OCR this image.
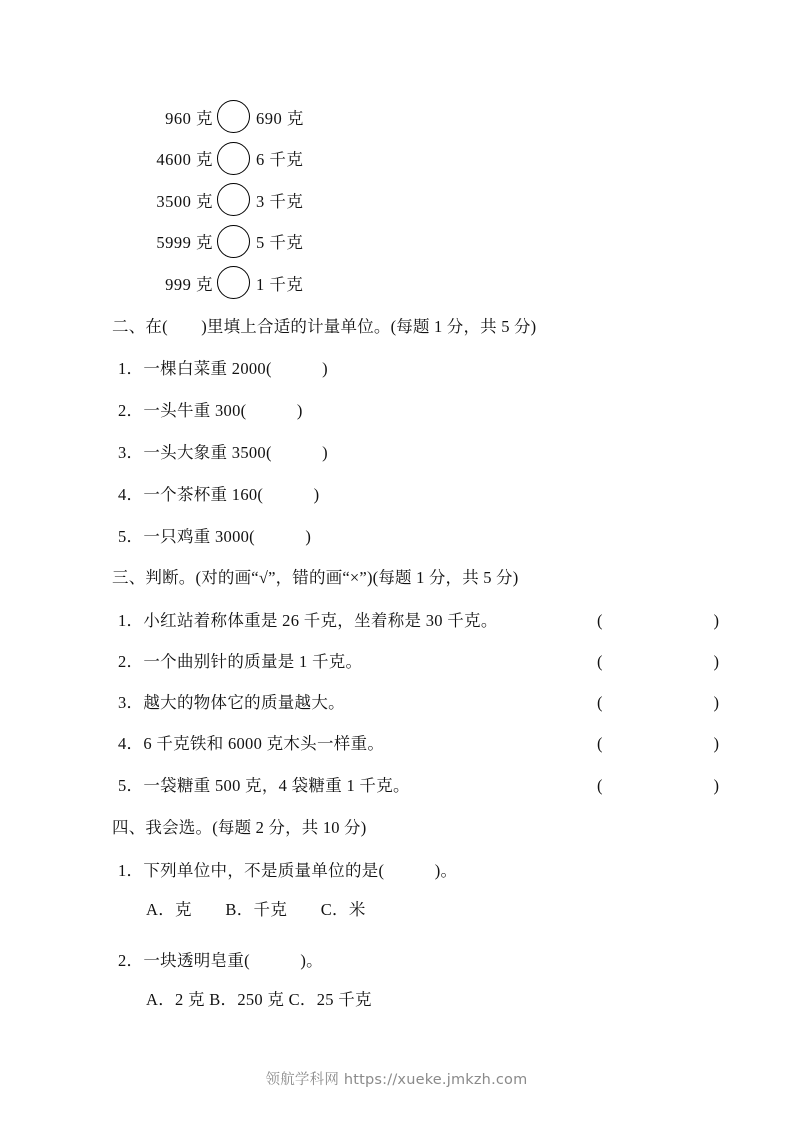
960 克	690 克
4600 克	6 千克
3500 克	3 千克
5999 克	5 千克
999 克	1 千克
二、在(　　)里填上合适的计量单位。(每题 1 分，共 5 分)
1．一棵白菜重 2000(　　　)
2．一头牛重 300(　　　)
3．一头大象重 3500(　　　)
4．一个茶杯重 160(　　　)
5．一只鸡重 3000(　　　)
三、判断。(对的画“√”，错的画“×”)(每题 1 分，共 5 分)
1．小红站着称体重是 26 千克，坐着称是 30 千克。	(　　)
2．一个曲别针的质量是 1 千克。	(　　)
3．越大的物体它的质量越大。	(　　)
4．6 千克铁和 6000 克木头一样重。	(　　)
5．一袋糖重 500 克，4 袋糖重 1 千克。	(　　)
四、我会选。(每题 2 分，共 10 分)
1．下列单位中，不是质量单位的是(　　　)。
A．克　　B．千克　　C．米
2．一块透明皂重(　　　)。
A．2 克 B．250 克 C．25 千克
领航学科网 https://xueke.jmkzh.com
